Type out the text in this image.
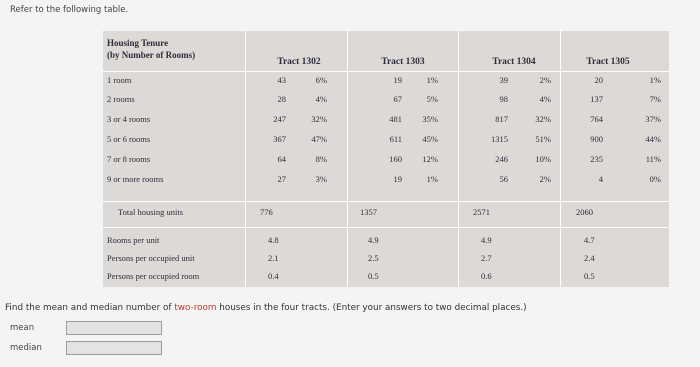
Refer to the following table.
Housing Tenure
(by Number of Rooms)
Tract 1302	Tract 1303	Tract 1304	Tract 1305
1 room	43	6%	19	1%	39	2%	20	1%
2 rooms	28	4%	67	5%	98	4%	137	7%
3 or 4 rooms	247	32%	481	35%	817	32%	764	37%
5 or 6 rooms	367	47%	611	45%	1315	51%	900	44%
7 or 8 rooms	64	8%	160	12%	246	10%	235	11%
9 or more rooms	27	3%	19	1%	56	2%	4	0%
Total housing units	776	1357	2571	2060
Rooms per unit	4.8	4.9	4.9	4.7
Persons per occupied unit	2.1	2.5	2.7	2.4
Persons per occupied room	0.4	0.5	0.6	0.5
Find the mean and median number of two-room houses in the four tracts. (Enter your answers to two decimal places.)
mean
median
